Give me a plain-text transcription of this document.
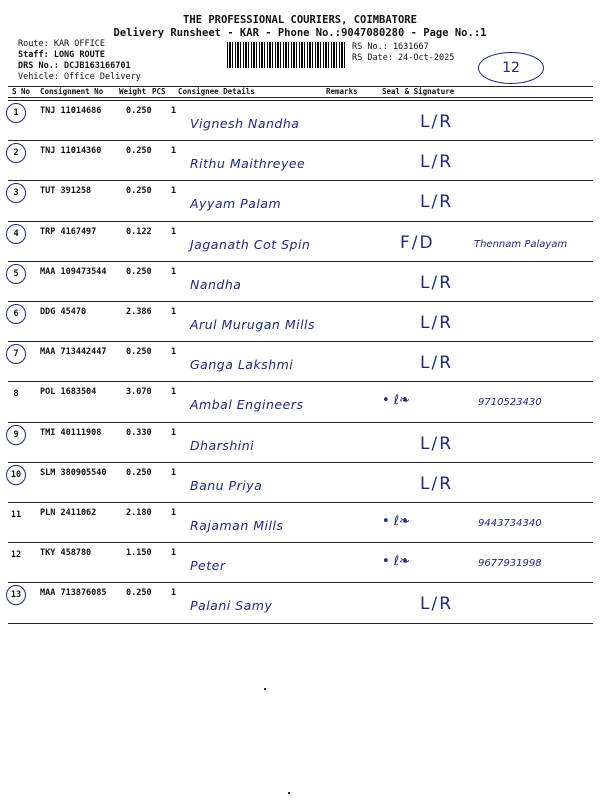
THE PROFESSIONAL COURIERS, COIMBATORE
Delivery Runsheet - KAR - Phone No.:9047080280 - Page No.:1
Route: KAR OFFICE
Staff: LONG ROUTE
DRS No.: DCJB163166701
Vehicle: Office Delivery
RS No.: 1631667
RS Date: 24-Oct-2025
12
S No Consignment No Weight PCS Consignee Details	Remarks	Seal & Signature
1	TNJ 11014686	0.250 1
Vignesh Nandha	L/R
2	TNJ 11014360	0.250 1
Rithu Maithreyee	L/R
3	TUT 391258	0.250 1
Ayyam Palam	L/R
4	TRP 4167497	0.122 1
Jaganath Cot Spin	F/D	Thennam Palayam
5	MAA 109473544 0.250 1
Nandha	L/R
6	DDG 45470	2.386 1
Arul Murugan Mills	L/R
7	MAA 713442447 0.250 1
Ganga Lakshmi	L/R
8	POL 1683504	3.070 1
Ambal Engineers	9710523430
• ℓ❧
9	TMI 40111908	0.330 1
Dharshini	L/R
10	SLM 380905540 0.250 1
Banu Priya	L/R
11	PLN 2411062	2.180 1
Rajaman Mills	9443734340
• ℓ❧
12	TKY 458780	1.150 1
Peter	9677931998
• ℓ❧
13	MAA 713876085 0.250 1
Palani Samy	L/R
